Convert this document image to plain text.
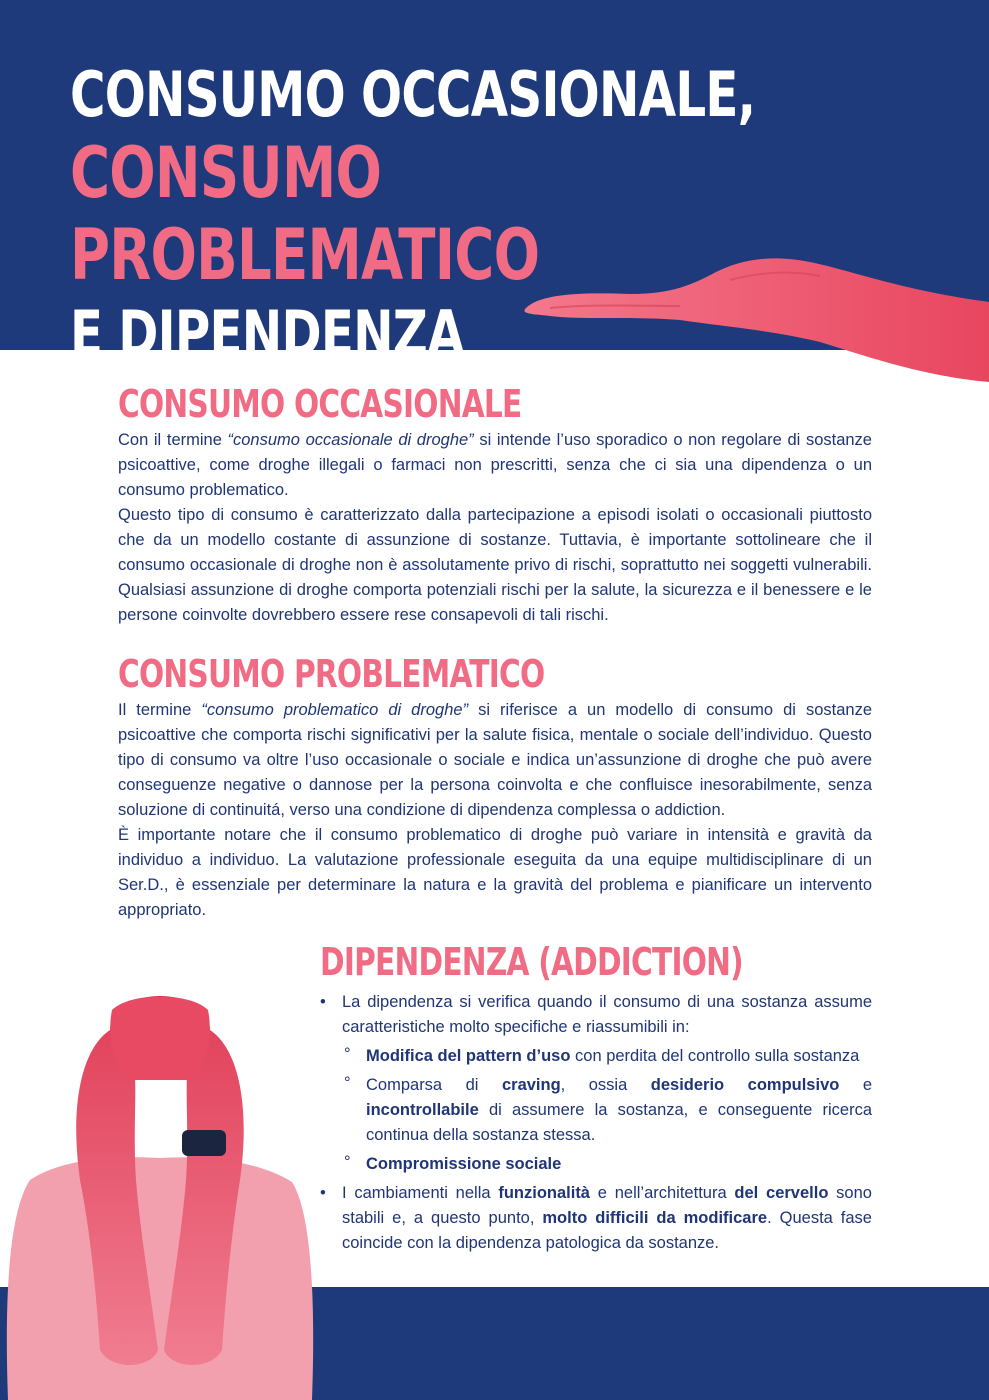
CONSUMO OCCASIONALE,
CONSUMO PROBLEMATICO
E DIPENDENZA
CONSUMO OCCASIONALE

Con il termine “consumo occasionale di droghe” si intende l’uso sporadico o non regolare di sostanze psicoattive, come droghe illegali o farmaci non prescritti, senza che ci sia una dipendenza o un consumo problematico.

Questo tipo di consumo è caratterizzato dalla partecipazione a episodi isolati o occasionali piuttosto che da un modello costante di assunzione di sostanze. Tuttavia, è importante sottolineare che il consumo occasionale di droghe non è assolutamente privo di rischi, soprattutto nei soggetti vulnerabili. Qualsiasi assunzione di droghe comporta potenziali rischi per la salute, la sicurezza e il benessere e le persone coinvolte dovrebbero essere rese consapevoli di tali rischi.

CONSUMO PROBLEMATICO

Il termine “consumo problematico di droghe” si riferisce a un modello di consumo di sostanze psicoattive che comporta rischi significativi per la salute fisica, mentale o sociale dell’individuo. Questo tipo di consumo va oltre l’uso occasionale o sociale e indica un’assunzione di droghe che può avere conseguenze negative o dannose per la persona coinvolta e che confluisce inesorabilmente, senza soluzione di continuitá, verso una condizione di dipendenza complessa o addiction.

È importante notare che il consumo problematico di droghe può variare in intensità e gravità da individuo a individuo. La valutazione professionale eseguita da una equipe multidisciplinare di un Ser.D., è essenziale per determinare la natura e la gravità del problema e pianificare un intervento appropriato.

DIPENDENZA (ADDICTION)
• La dipendenza si verifica quando il consumo di una sostanza assume caratteristiche molto specifiche e riassumibili in:
° Modifica del pattern d’uso con perdita del controllo sulla sostanza
° Comparsa di craving, ossia desiderio compulsivo e incontrollabile di assumere la sostanza, e conseguente ricerca continua della sostanza stessa.
° Compromissione sociale
• I cambiamenti nella funzionalità e nell’architettura del cervello sono stabili e, a questo punto, molto difficili da modificare. Questa fase coincide con la dipendenza patologica da sostanze.
